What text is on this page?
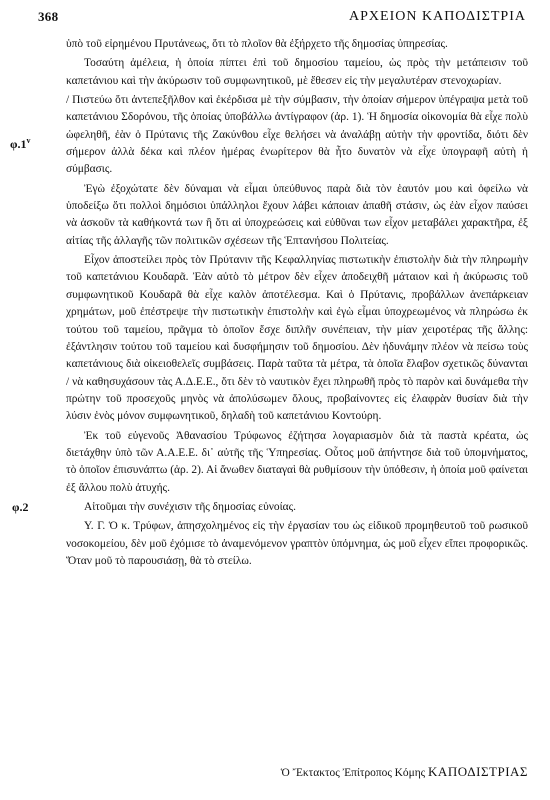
368	ΑΡΧΕΙΟΝ ΚΑΠΟΔΙΣΤΡΙΑ
φ.1$^v$
φ.2

ὑπὸ τοῦ εἰρημένου Πρυτάνεως, ὅτι τὸ πλοῖον θὰ ἐξήρχετο τῆς δημοσίας ὑπηρεσίας.

Τοσαύτη ἀμέλεια, ἡ ὁποία πίπτει ἐπὶ τοῦ δημοσίου ταμείου, ὡς πρὸς τὴν μετάπεισιν τοῦ καπετάνιου καὶ τὴν ἀκύρωσιν τοῦ συμφωνητικοῦ, μὲ ἔθεσεν εἰς τὴν μεγαλυτέραν στενοχωρίαν.

/ Πιστεύω ὅτι ἀντεπεξῆλθον καὶ ἐκέρδισα μὲ τὴν σύμβασιν, τὴν ὁποίαν σήμερον ὑπέγραψα μετὰ τοῦ καπετάνιου Σδορόνου, τῆς ὁποίας ὑποβάλλω ἀντίγραφον (ἀρ. 1). Ἡ δημοσία οἰκονομία θὰ εἶχε πολὺ ὠφεληθῆ, ἐὰν ὁ Πρύτανις τῆς Ζακύνθου εἶχε θελήσει νὰ ἀναλάβῃ αὐτὴν τὴν φροντίδα, διότι δὲν σήμερον ἀλλὰ δέκα καὶ πλέον ἡμέρας ἐνωρίτερον θὰ ἦτο δυνατὸν νὰ εἶχε ὑπογραφῆ αὐτὴ ἡ σύμβασις.

Ἐγὼ ἐξοχώτατε δὲν δύναμαι νὰ εἶμαι ὑπεύθυνος παρὰ διὰ τὸν ἑαυτόν μου καὶ ὀφείλω νὰ ὑποδείξω ὅτι πολλοὶ δημόσιοι ὑπάλληλοι ἔχουν λάβει κάποιαν ἀπαθῆ στάσιν, ὡς ἐὰν εἶχον παύσει νὰ ἀσκοῦν τὰ καθήκοντά των ἢ ὅτι αἱ ὑποχρεώσεις καὶ εὐθῦναι των εἶχον μεταβάλει χαρακτῆρα, ἐξ αἰτίας τῆς ἀλλαγῆς τῶν πολιτικῶν σχέσεων τῆς Ἑπτανήσου Πολιτείας.

Εἶχον ἀποστείλει πρὸς τὸν Πρύτανιν τῆς Κεφαλληνίας πιστωτικὴν ἐπιστολὴν διὰ τὴν πληρωμὴν τοῦ καπετάνιου Κουδαρᾶ. Ἐὰν αὐτὸ τὸ μέτρον δὲν εἶχεν ἀποδειχθῆ μάταιον καὶ ἡ ἀκύρωσις τοῦ συμφωνητικοῦ Κουδαρᾶ θὰ εἶχε καλὸν ἀποτέλεσμα. Καὶ ὁ Πρύτανις, προβάλλων ἀνεπάρκειαν χρημάτων, μοῦ ἐπέστρεψε τὴν πιστωτικὴν ἐπιστολὴν καὶ ἐγὼ εἶμαι ὑποχρεωμένος νὰ πληρώσω ἐκ τούτου τοῦ ταμείου, πρᾶγμα τὸ ὁποῖον ἔσχε διπλῆν συνέπειαν, τὴν μίαν χειροτέρας τῆς ἄλλης: ἐξάντλησιν τούτου τοῦ ταμείου καὶ δυσφήμησιν τοῦ δημοσίου. Δὲν ἠδυνάμην πλέον νὰ πείσω τοὺς καπετάνιους διὰ οἰκειοθελεῖς συμβάσεις. Παρὰ ταῦτα τὰ μέτρα, τὰ ὁποῖα ἔλαβον σχετικῶς δύνανται / νὰ καθησυχάσουν τὰς Α.Δ.Ε.Ε., ὅτι δὲν τὸ ναυτικὸν ἔχει πληρωθῆ πρὸς τὸ παρὸν καὶ δυνάμεθα τὴν πρώτην τοῦ προσεχοῦς μηνὸς νὰ ἀπολύσωμεν ὅλους, προβαίνοντες εἰς ἐλαφρὰν θυσίαν διὰ τὴν λύσιν ἑνὸς μόνον συμφωνητικοῦ, δηλαδὴ τοῦ καπετάνιου Κοντούρη.

Ἐκ τοῦ εὐγενοῦς Ἀθανασίου Τρύφωνος ἐζήτησα λογαριασμὸν διὰ τὰ παστὰ κρέατα, ὡς διετάχθην ὑπὸ τῶν Α.Α.Ε.Ε. δι᾽ αὐτῆς τῆς Ὑπηρεσίας. Οὗτος μοῦ ἀπήντησε διὰ τοῦ ὑπομνήματος, τὸ ὁποῖον ἐπισυνάπτω (ἀρ. 2). Αἱ ἄνωθεν διαταγαὶ θὰ ρυθμίσουν τὴν ὑπόθεσιν, ἡ ὁποία μοῦ φαίνεται ἐξ ἄλλου πολὺ ἀτυχής.

Αἰτοῦμαι τὴν συνέχισιν τῆς δημοσίας εὐνοίας.

Υ. Γ. Ὁ κ. Τρύφων, ἀπησχολημένος εἰς τὴν ἐργασίαν του ὡς εἰδικοῦ προμηθευτοῦ τοῦ ρωσικοῦ νοσοκομείου, δὲν μοῦ ἐχόμισε τὸ ἀναμενόμενον γραπτὸν ὑπόμνημα, ὡς μοῦ εἶχεν εἴπει προφορικῶς. Ὅταν μοῦ τὸ παρουσιάσῃ, θὰ τὸ στείλω.

Ὁ Ἔκτακτος Ἐπίτροπος Κόμης ΚΑΠΟΔΙΣΤΡΙΑΣ
